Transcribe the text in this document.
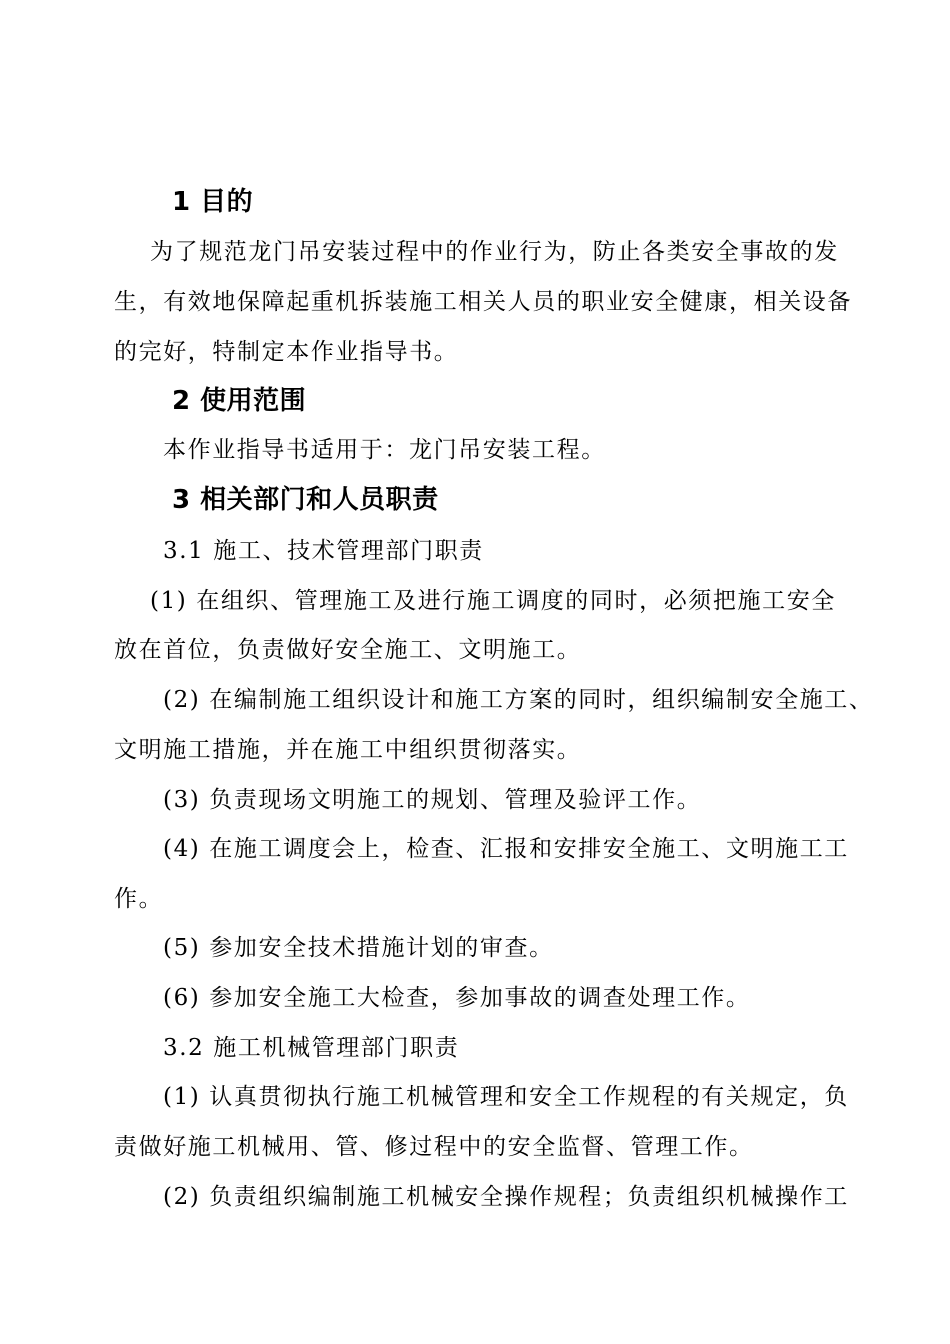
1 目的
为了规范龙门吊安装过程中的作业行为，防止各类安全事故的发
生，有效地保障起重机拆装施工相关人员的职业安全健康，相关设备
的完好，特制定本作业指导书。
2 使用范围
本作业指导书适用于：龙门吊安装工程。
3 相关部门和人员职责
3.1 施工、技术管理部门职责
(1) 在组织、管理施工及进行施工调度的同时，必须把施工安全
放在首位，负责做好安全施工、文明施工。
(2) 在编制施工组织设计和施工方案的同时，组织编制安全施工、
文明施工措施，并在施工中组织贯彻落实。
(3) 负责现场文明施工的规划、管理及验评工作。
(4) 在施工调度会上，检查、汇报和安排安全施工、文明施工工
作。
(5) 参加安全技术措施计划的审查。
(6) 参加安全施工大检查，参加事故的调查处理工作。
3.2 施工机械管理部门职责
(1) 认真贯彻执行施工机械管理和安全工作规程的有关规定，负
责做好施工机械用、管、修过程中的安全监督、管理工作。
(2) 负责组织编制施工机械安全操作规程；负责组织机械操作工
